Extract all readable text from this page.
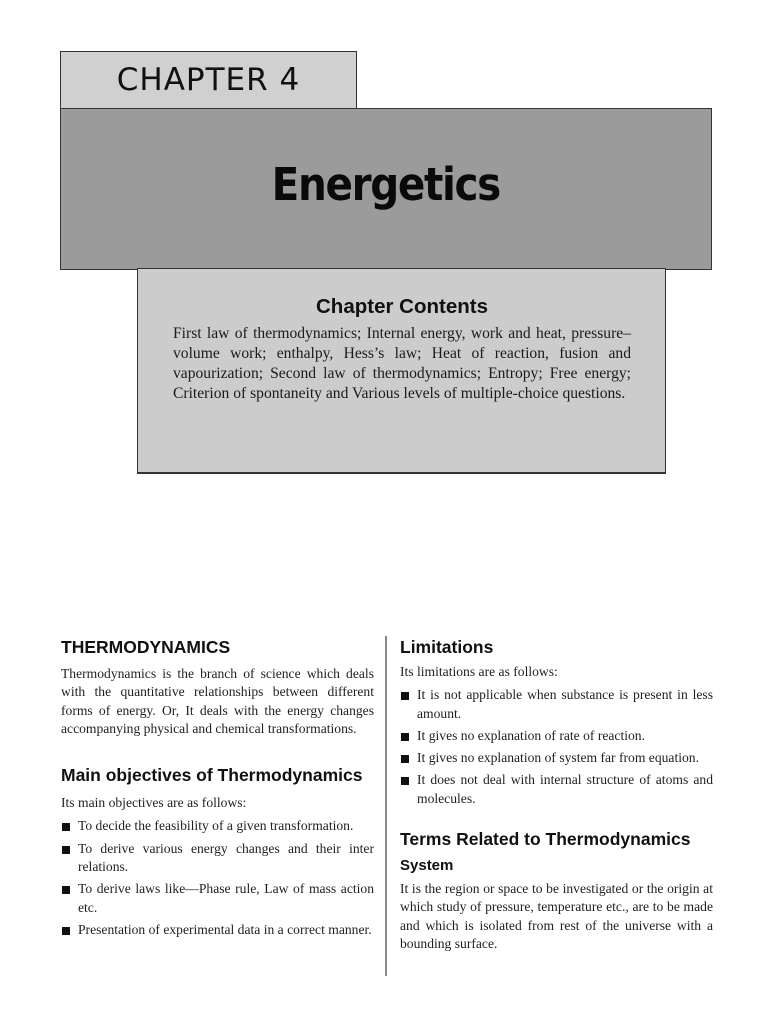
CHAPTER 4
Energetics
Chapter Contents

First law of thermodynamics; Internal energy, work and heat, pressure–volume work; enthalpy, Hess’s law; Heat of reaction, fusion and vapourization; Second law of thermodynamics; Entropy; Free energy; Criterion of spontaneity and Various levels of multiple-choice questions.

THERMODYNAMICS

Thermodynamics is the branch of science which deals with the quantitative relationships between different forms of energy. Or, It deals with the energy changes accompanying physical and chemical transformations.

Main objectives of Thermodynamics

Its main objectives are as follows:

To decide the feasibility of a given transformation.
To derive various energy changes and their inter relations.
To derive laws like—Phase rule, Law of mass action etc.
Presentation of experimental data in a correct manner.
Limitations

Its limitations are as follows:

It is not applicable when substance is present in less amount.
It gives no explanation of rate of reaction.
It gives no explanation of system far from equation.
It does not deal with internal structure of atoms and molecules.
Terms Related to Thermodynamics
System

It is the region or space to be investigated or the origin at which study of pressure, temperature etc., are to be made and which is isolated from rest of the universe with a bounding surface.
